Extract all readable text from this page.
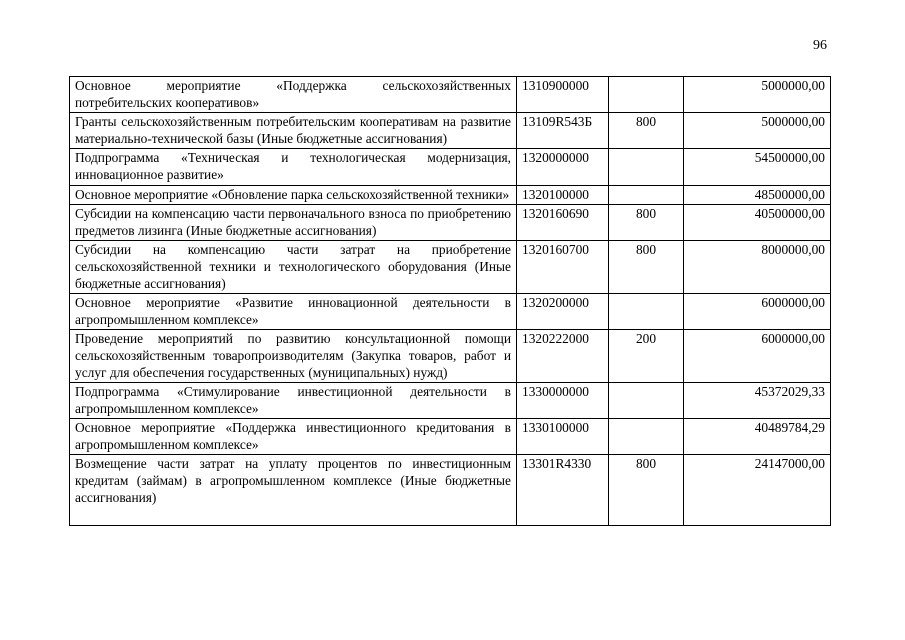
96
Основное мероприятие «Поддержка сельскохозяйственных потребительских кооперативов»	1310900000		5000000,00
Гранты сельскохозяйственным потребительским кооперативам на развитие материально-технической базы (Иные бюджетные ассигнования)	13109R543Б	800	5000000,00
Подпрограмма «Техническая и технологическая модернизация, инновационное развитие»	1320000000		54500000,00
Основное мероприятие «Обновление парка сельскохозяйственной техники»	1320100000		48500000,00
Субсидии на компенсацию части первоначального взноса по приобретению предметов лизинга (Иные бюджетные ассигнования)	1320160690	800	40500000,00
Субсидии на компенсацию части затрат на приобретение сельскохозяйственной техники и технологического оборудования (Иные бюджетные ассигнования)	1320160700	800	8000000,00
Основное мероприятие «Развитие инновационной деятельности в агропромышленном комплексе»	1320200000		6000000,00
Проведение мероприятий по развитию консультационной помощи сельскохозяйственным товаропроизводителям (Закупка товаров, работ и услуг для обеспечения государственных (муниципальных) нужд)	1320222000	200	6000000,00
Подпрограмма «Стимулирование инвестиционной деятельности в агропромышленном комплексе»	1330000000		45372029,33
Основное мероприятие «Поддержка инвестиционного кредитования в агропромышленном комплексе»	1330100000		40489784,29
Возмещение части затрат на уплату процентов по инвестиционным кредитам (займам) в агропромышленном комплексе (Иные бюджетные ассигнования)	13301R4330	800	24147000,00
